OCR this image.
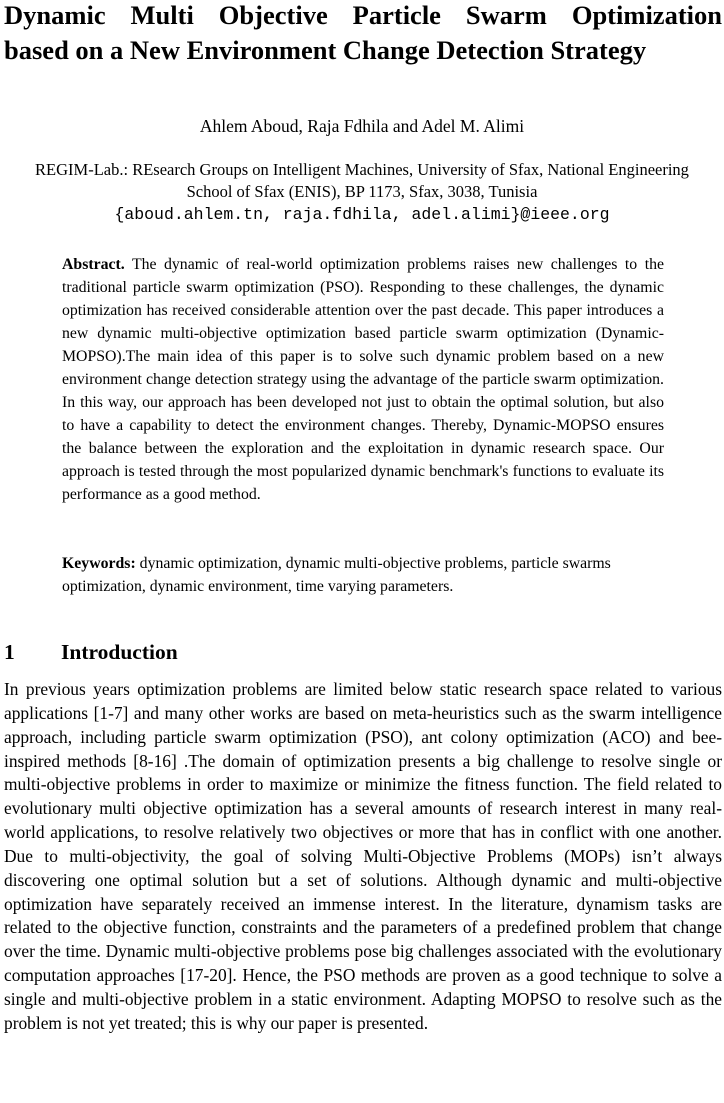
Dynamic Multi Objective Particle Swarm Optimization
based on a New Environment Change Detection Strategy
Ahlem Aboud, Raja Fdhila and Adel M. Alimi
REGIM-Lab.: REsearch Groups on Intelligent Machines, University of Sfax, National Engineering School of Sfax (ENIS), BP 1173, Sfax, 3038, Tunisia
{aboud.ahlem.tn, raja.fdhila, adel.alimi}@ieee.org

Abstract. The dynamic of real-world optimization problems raises new challenges to the traditional particle swarm optimization (PSO). Responding to these challenges, the dynamic optimization has received considerable attention over the past decade. This paper introduces a new dynamic multi-objective optimization based particle swarm optimization (Dynamic-MOPSO).The main idea of this paper is to solve such dynamic problem based on a new environment change detection strategy using the advantage of the particle swarm optimization. In this way, our approach has been developed not just to obtain the optimal solution, but also to have a capability to detect the environment changes. Thereby, Dynamic-MOPSO ensures the balance between the exploration and the exploitation in dynamic research space. Our approach is tested through the most popularized dynamic benchmark's functions to evaluate its performance as a good method.

Keywords: dynamic optimization, dynamic multi-objective problems, particle swarms optimization, dynamic environment, time varying parameters.

1 Introduction

In previous years optimization problems are limited below static research space related to various applications [1-7] and many other works are based on meta-heuristics such as the swarm intelligence approach, including particle swarm optimization (PSO), ant colony optimization (ACO) and bee-inspired methods [8-16] .The domain of optimization presents a big challenge to resolve single or multi-objective problems in order to maximize or minimize the fitness function. The field related to evolutionary multi objective optimization has a several amounts of research interest in many real-world applications, to resolve relatively two objectives or more that has in conflict with one another. Due to multi-objectivity, the goal of solving Multi-Objective Problems (MOPs) isn’t always discovering one optimal solution but a set of solutions. Although dynamic and multi-objective optimization have separately received an immense interest. In the literature, dynamism tasks are related to the objective function, constraints and the parameters of a predefined problem that change over the time. Dynamic multi-objective problems pose big challenges associated with the evolutionary computation approaches [17-20]. Hence, the PSO methods are proven as a good technique to solve a single and multi-objective problem in a static environment. Adapting MOPSO to resolve such as the problem is not yet treated; this is why our paper is presented.
